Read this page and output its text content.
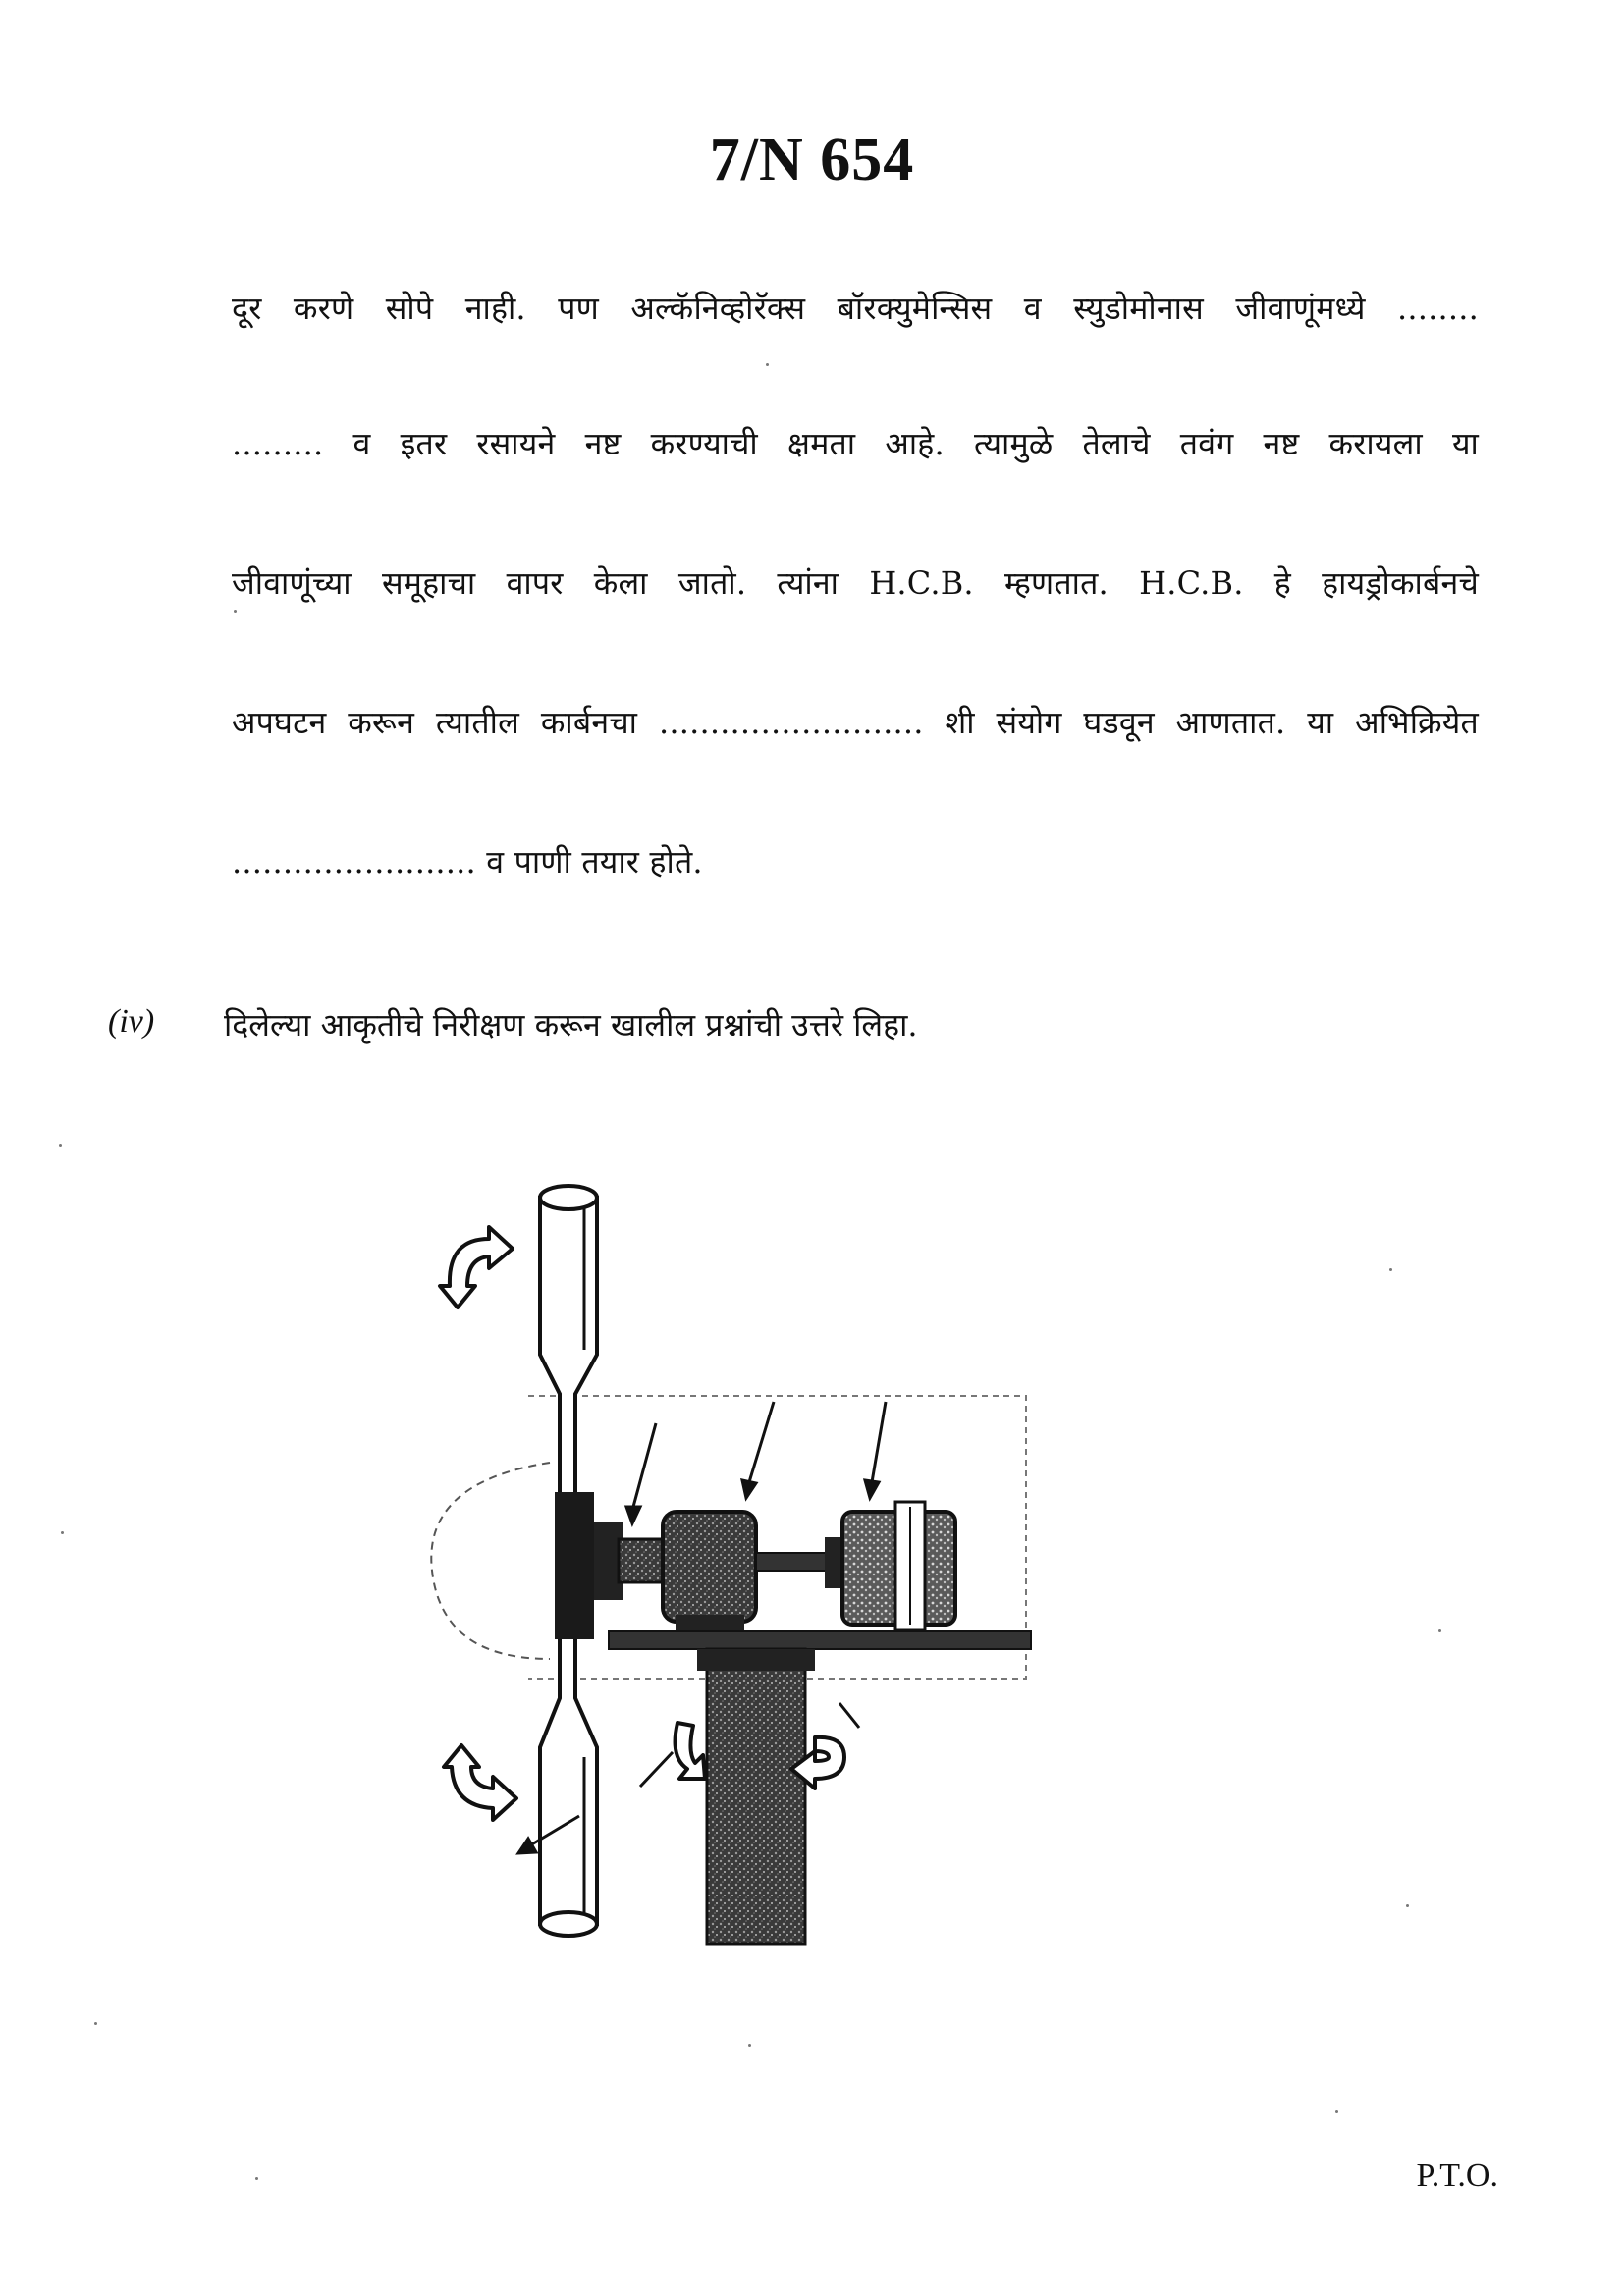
7/N 654
दूर करणे सोपे नाही. पण अल्कॅनिव्होरॅक्स बॉरक्युमेन्सिस व स्युडोमोनास जीवाणूंमध्ये ........
......... व इतर रसायने नष्ट करण्याची क्षमता आहे. त्यामुळे तेलाचे तवंग नष्ट करायला या
जीवाणूंच्या समूहाचा वापर केला जातो. त्यांना H.C.B. म्हणतात. H.C.B. हे हायड्रोकार्बनचे
अपघटन करून त्यातील कार्बनचा .......................... शी संयोग घडवून आणतात. या अभिक्रियेत
........................ व पाणी तयार होते.
(iv) दिलेल्या आकृतीचे निरीक्षण करून खालील प्रश्नांची उत्तरे लिहा.

P.T.O.
